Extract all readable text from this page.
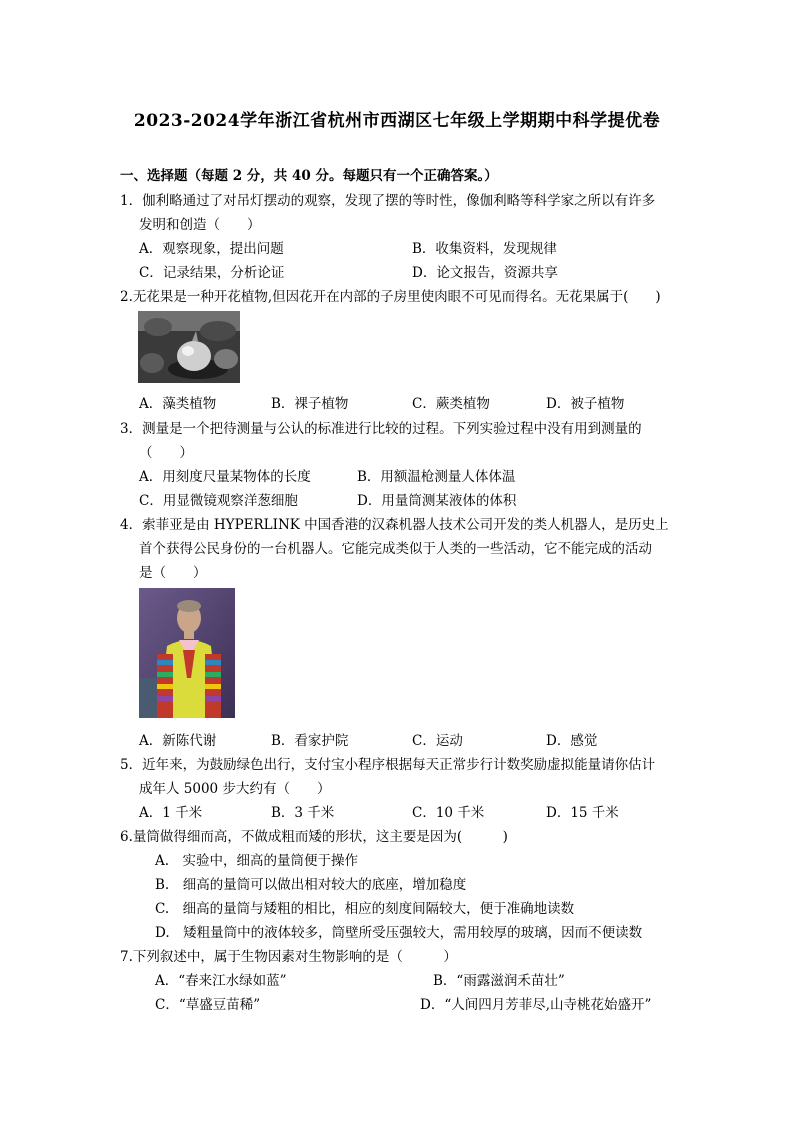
2023-2024学年浙江省杭州市西湖区七年级上学期期中科学提优卷
一、选择题（每题 2 分，共 40 分。每题只有一个正确答案。）
1．伽利略通过了对吊灯摆动的观察，发现了摆的等时性，像伽利略等科学家之所以有许多
发明和创造（　　）
A．观察现象，提出问题	B．收集资料，发现规律
C．记录结果，分析论证	D．论文报告，资源共享
2.无花果是一种开花植物,但因花开在内部的子房里使肉眼不可见而得名。无花果属于(　　)
A．藻类植物	B．裸子植物	C．蕨类植物	D．被子植物
3．测量是一个把待测量与公认的标准进行比较的过程。下列实验过程中没有用到测量的
（　　）
A．用刻度尺量某物体的长度	B．用额温枪测量人体体温
C．用显微镜观察洋葱细胞	D．用量筒测某液体的体积
4．索菲亚是由 HYPERLINK 中国香港的汉森机器人技术公司开发的类人机器人，是历史上
首个获得公民身份的一台机器人。它能完成类似于人类的一些活动，它不能完成的活动
是（　　）
A．新陈代谢	B．看家护院	C．运动	D．感觉
5．近年来，为鼓励绿色出行，支付宝小程序根据每天正常步行计数奖励虚拟能量请你估计
成年人 5000 步大约有（　　）
A．1 千米	B．3 千米	C．10 千米	D．15 千米
6.量筒做得细而高，不做成粗而矮的形状，这主要是因为(　　　)
A.　实验中，细高的量筒便于操作
B.　细高的量筒可以做出相对较大的底座，增加稳度
C.　细高的量筒与矮粗的相比，相应的刻度间隔较大，便于准确地读数
D.　矮粗量筒中的液体较多，筒壁所受压强较大，需用较厚的玻璃，因而不便读数
7.下列叙述中，属于生物因素对生物影响的是（　　　）
A．“春来江水绿如蓝”	B．“雨露滋润禾苗壮”
C．“草盛豆苗稀”	D．“人间四月芳菲尽,山寺桃花始盛开”
